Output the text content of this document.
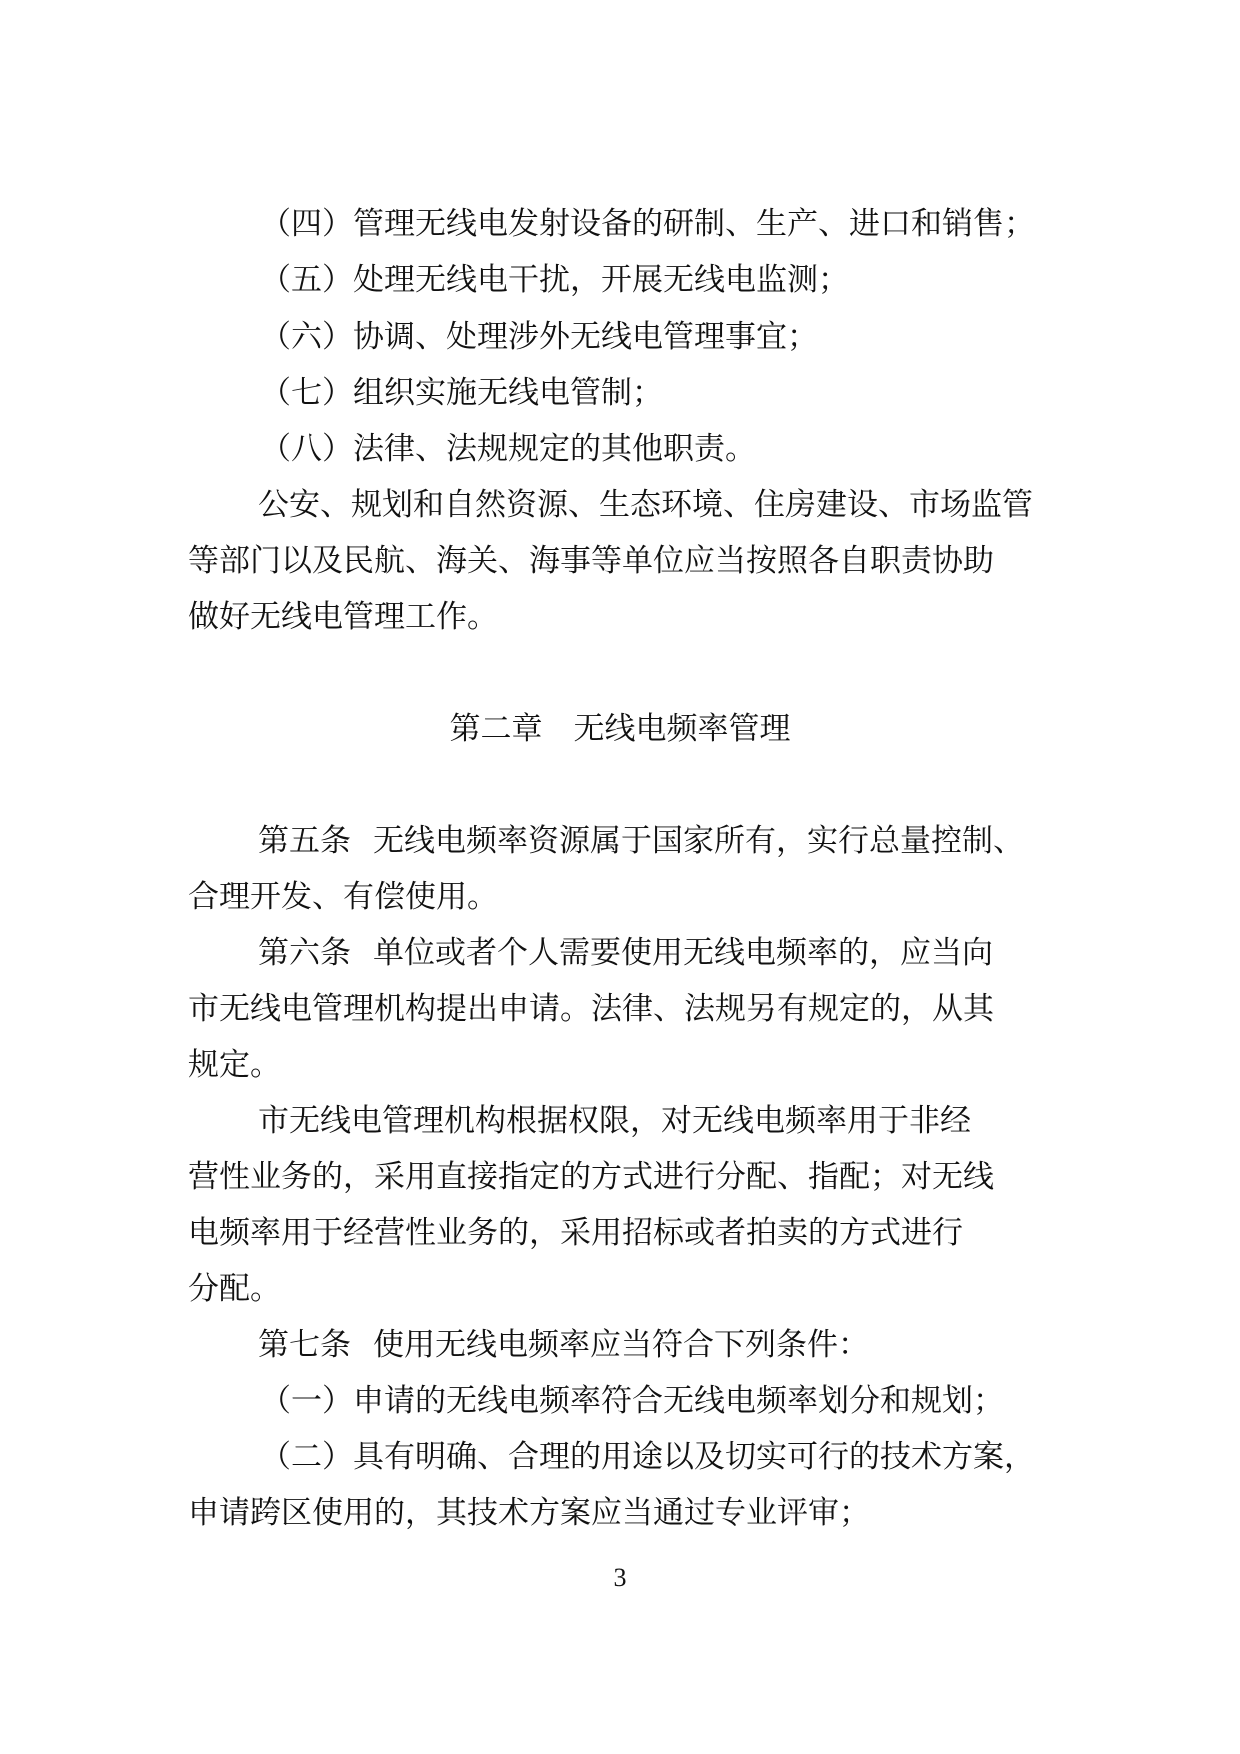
（四）管理无线电发射设备的研制、生产、进口和销售；
（五）处理无线电干扰，开展无线电监测；
（六）协调、处理涉外无线电管理事宜；
（七）组织实施无线电管制；
（八）法律、法规规定的其他职责。
公安、规划和自然资源、生态环境、住房建设、市场监管
等部门以及民航、海关、海事等单位应当按照各自职责协助
做好无线电管理工作。
第二章　 无线电频率管理
第五条 无线电频率资源属于国家所有，实行总量控制、
合理开发、有偿使用。
第六条 单位或者个人需要使用无线电频率的，应当向
市无线电管理机构提出申请。法律、法规另有规定的，从其
规定。
市无线电管理机构根据权限，对无线电频率用于非经
营性业务的，采用直接指定的方式进行分配、指配；对无线
电频率用于经营性业务的，采用招标或者拍卖的方式进行
分配。
第七条 使用无线电频率应当符合下列条件：
（一）申请的无线电频率符合无线电频率划分和规划；
（二）具有明确、合理的用途以及切实可行的技术方案，
申请跨区使用的，其技术方案应当通过专业评审；
3
